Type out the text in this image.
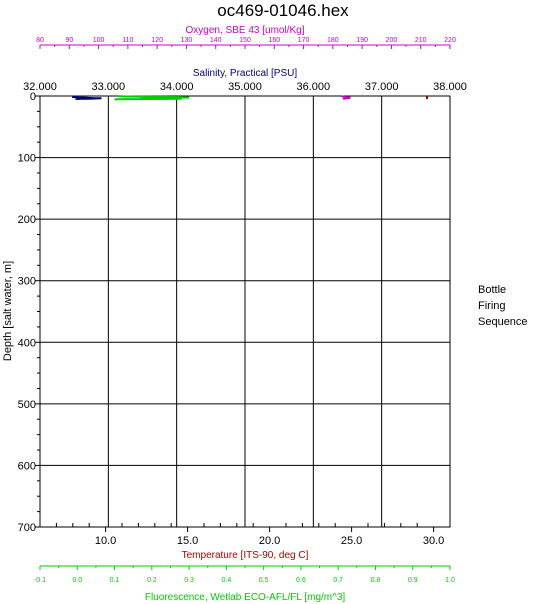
oc469-01046.hex
Oxygen, SBE 43 [umol/Kg]
Salinity, Practical [PSU]
Temperature [ITS-90, deg C]
Fluorescence, Wetlab ECO-AFL/FL [mg/m^3]
Depth [salt water, m]
0
100
200
300
400
500
600
700
80	90	100	110	120	130	140	150	160	170	180	190	200	210	220
32.000	33.000	34.000	35.000	36.000	37.000	38.000
10.0	15.0	20.0	25.0	30.0
-0.1	0.0	0.1	0.2	0.3	0.4	0.5	0.6	0.7	0.8	0.9	1.0
Bottle
Firing
Sequence
